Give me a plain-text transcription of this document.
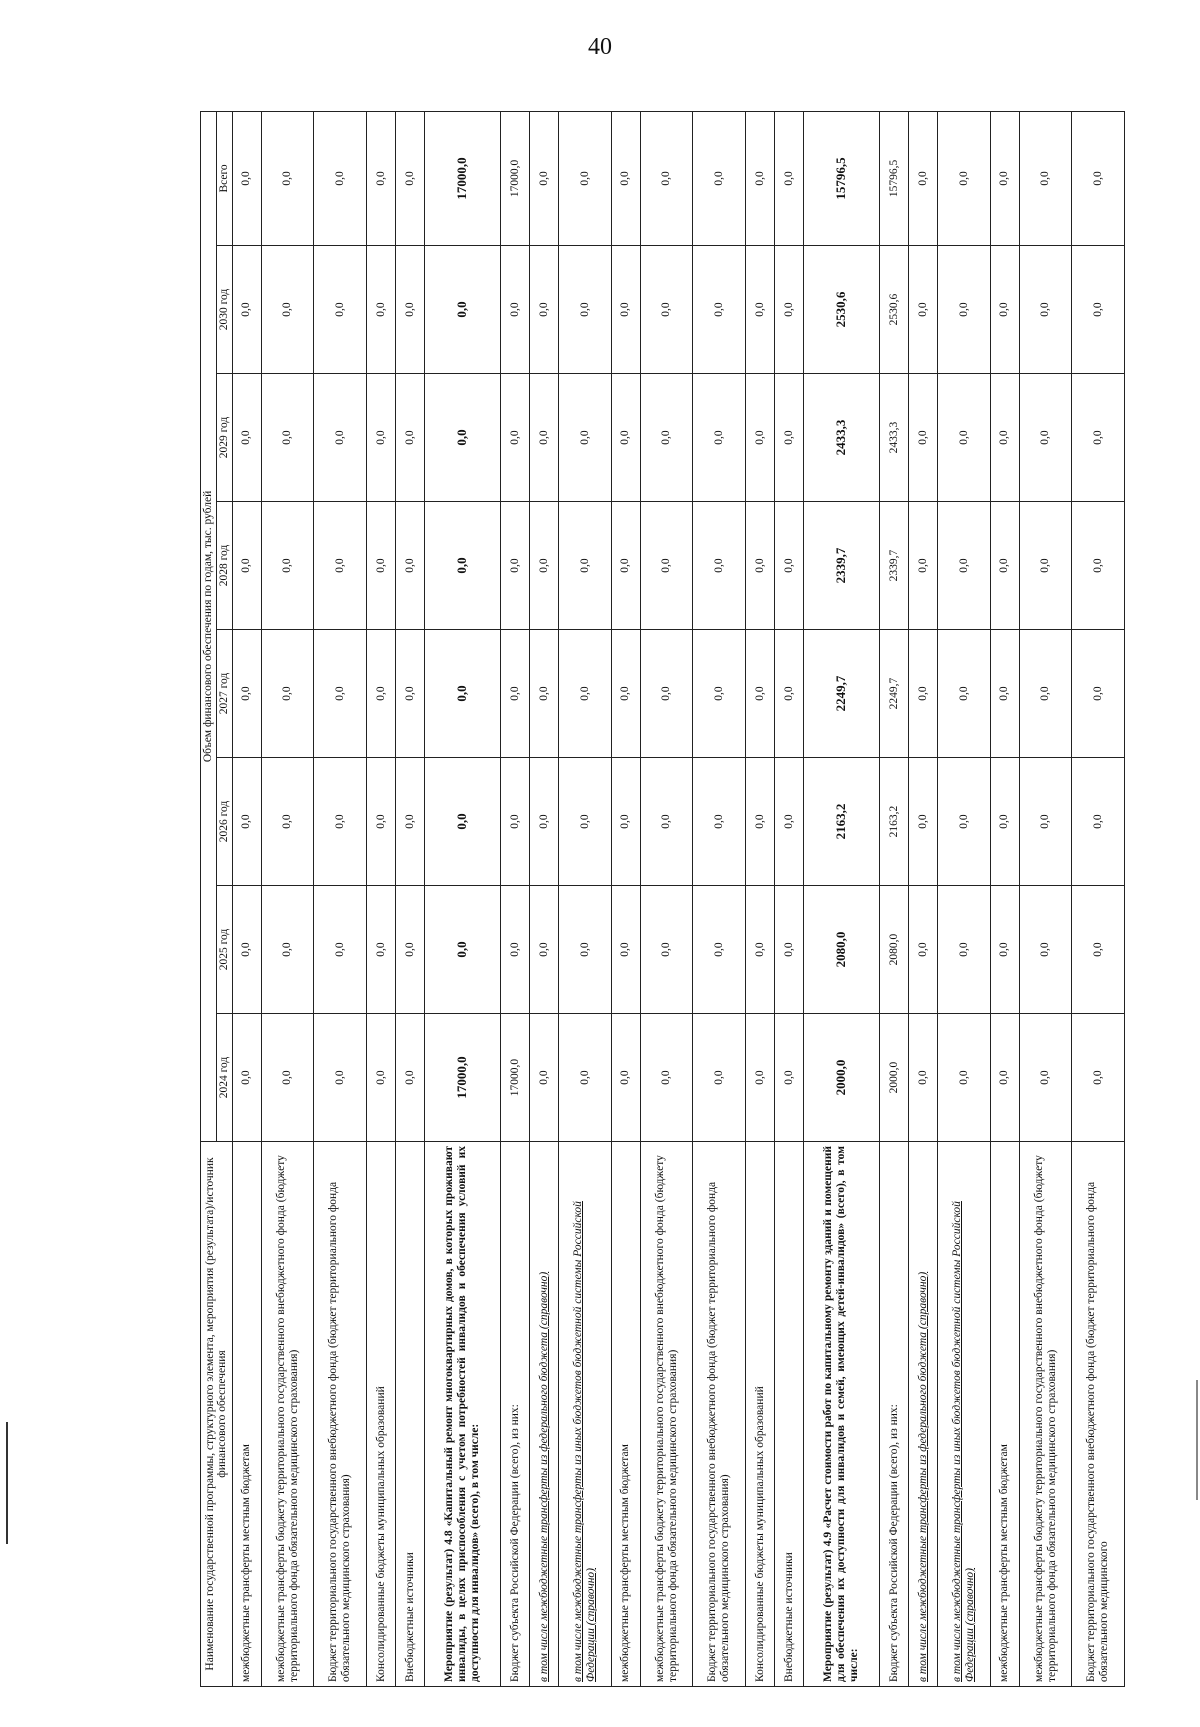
40
Наименование государственной программы, структурного элемента, мероприятия (результата)/источник финансового обеспечения	Объем финансового обеспечения по годам, тыс. рублей							
	2024 год	2025 год	2026 год	2027 год	2028 год	2029 год	2030 год	Всего
межбюджетные трансферты местным бюджетам	0,0	0,0	0,0	0,0	0,0	0,0	0,0	0,0
межбюджетные трансферты бюджету территориального государственного внебюджетного фонда (бюджету территориального фонда обязательного медицинского страхования)	0,0	0,0	0,0	0,0	0,0	0,0	0,0	0,0
Бюджет территориального государственного внебюджетного фонда (бюджет территориального фонда обязательного медицинского страхования)	0,0	0,0	0,0	0,0	0,0	0,0	0,0	0,0
Консолидированные бюджеты муниципальных образований	0,0	0,0	0,0	0,0	0,0	0,0	0,0	0,0
Внебюджетные источники	0,0	0,0	0,0	0,0	0,0	0,0	0,0	0,0
Мероприятие (результат) 4.8 «Капитальный ремонт многоквартирных домов, в которых проживают инвалиды, в целях приспособления с учетом потребностей инвалидов и обеспечения условий их доступности для инвалидов» (всего), в том числе:	17000,0	0,0	0,0	0,0	0,0	0,0	0,0	17000,0
Бюджет субъекта Российской Федерации (всего), из них:	17000,0	0,0	0,0	0,0	0,0	0,0	0,0	17000,0
в том числе межбюджетные трансферты из федерального бюджета (справочно)	0,0	0,0	0,0	0,0	0,0	0,0	0,0	0,0
в том числе межбюджетные трансферты из иных бюджетов бюджетной системы Российской Федерации (справочно)	0,0	0,0	0,0	0,0	0,0	0,0	0,0	0,0
межбюджетные трансферты местным бюджетам	0,0	0,0	0,0	0,0	0,0	0,0	0,0	0,0
межбюджетные трансферты бюджету территориального государственного внебюджетного фонда (бюджету территориального фонда обязательного медицинского страхования)	0,0	0,0	0,0	0,0	0,0	0,0	0,0	0,0
Бюджет территориального государственного внебюджетного фонда (бюджет территориального фонда обязательного медицинского страхования)	0,0	0,0	0,0	0,0	0,0	0,0	0,0	0,0
Консолидированные бюджеты муниципальных образований	0,0	0,0	0,0	0,0	0,0	0,0	0,0	0,0
Внебюджетные источники	0,0	0,0	0,0	0,0	0,0	0,0	0,0	0,0
Мероприятие (результат) 4.9 «Расчет стоимости работ по капитальному ремонту зданий и помещений для обеспечения их доступности для инвалидов и семей, имеющих детей-инвалидов» (всего), в том числе:	2000,0	2080,0	2163,2	2249,7	2339,7	2433,3	2530,6	15796,5
Бюджет субъекта Российской Федерации (всего), из них:	2000,0	2080,0	2163,2	2249,7	2339,7	2433,3	2530,6	15796,5
в том числе межбюджетные трансферты из федерального бюджета (справочно)	0,0	0,0	0,0	0,0	0,0	0,0	0,0	0,0
в том числе межбюджетные трансферты из иных бюджетов бюджетной системы Российской Федерации (справочно)	0,0	0,0	0,0	0,0	0,0	0,0	0,0	0,0
межбюджетные трансферты местным бюджетам	0,0	0,0	0,0	0,0	0,0	0,0	0,0	0,0
межбюджетные трансферты бюджету территориального государственного внебюджетного фонда (бюджету территориального фонда обязательного медицинского страхования)	0,0	0,0	0,0	0,0	0,0	0,0	0,0	0,0
Бюджет территориального государственного внебюджетного фонда (бюджет территориального фонда обязательного медицинского	0,0	0,0	0,0	0,0	0,0	0,0	0,0	0,0
